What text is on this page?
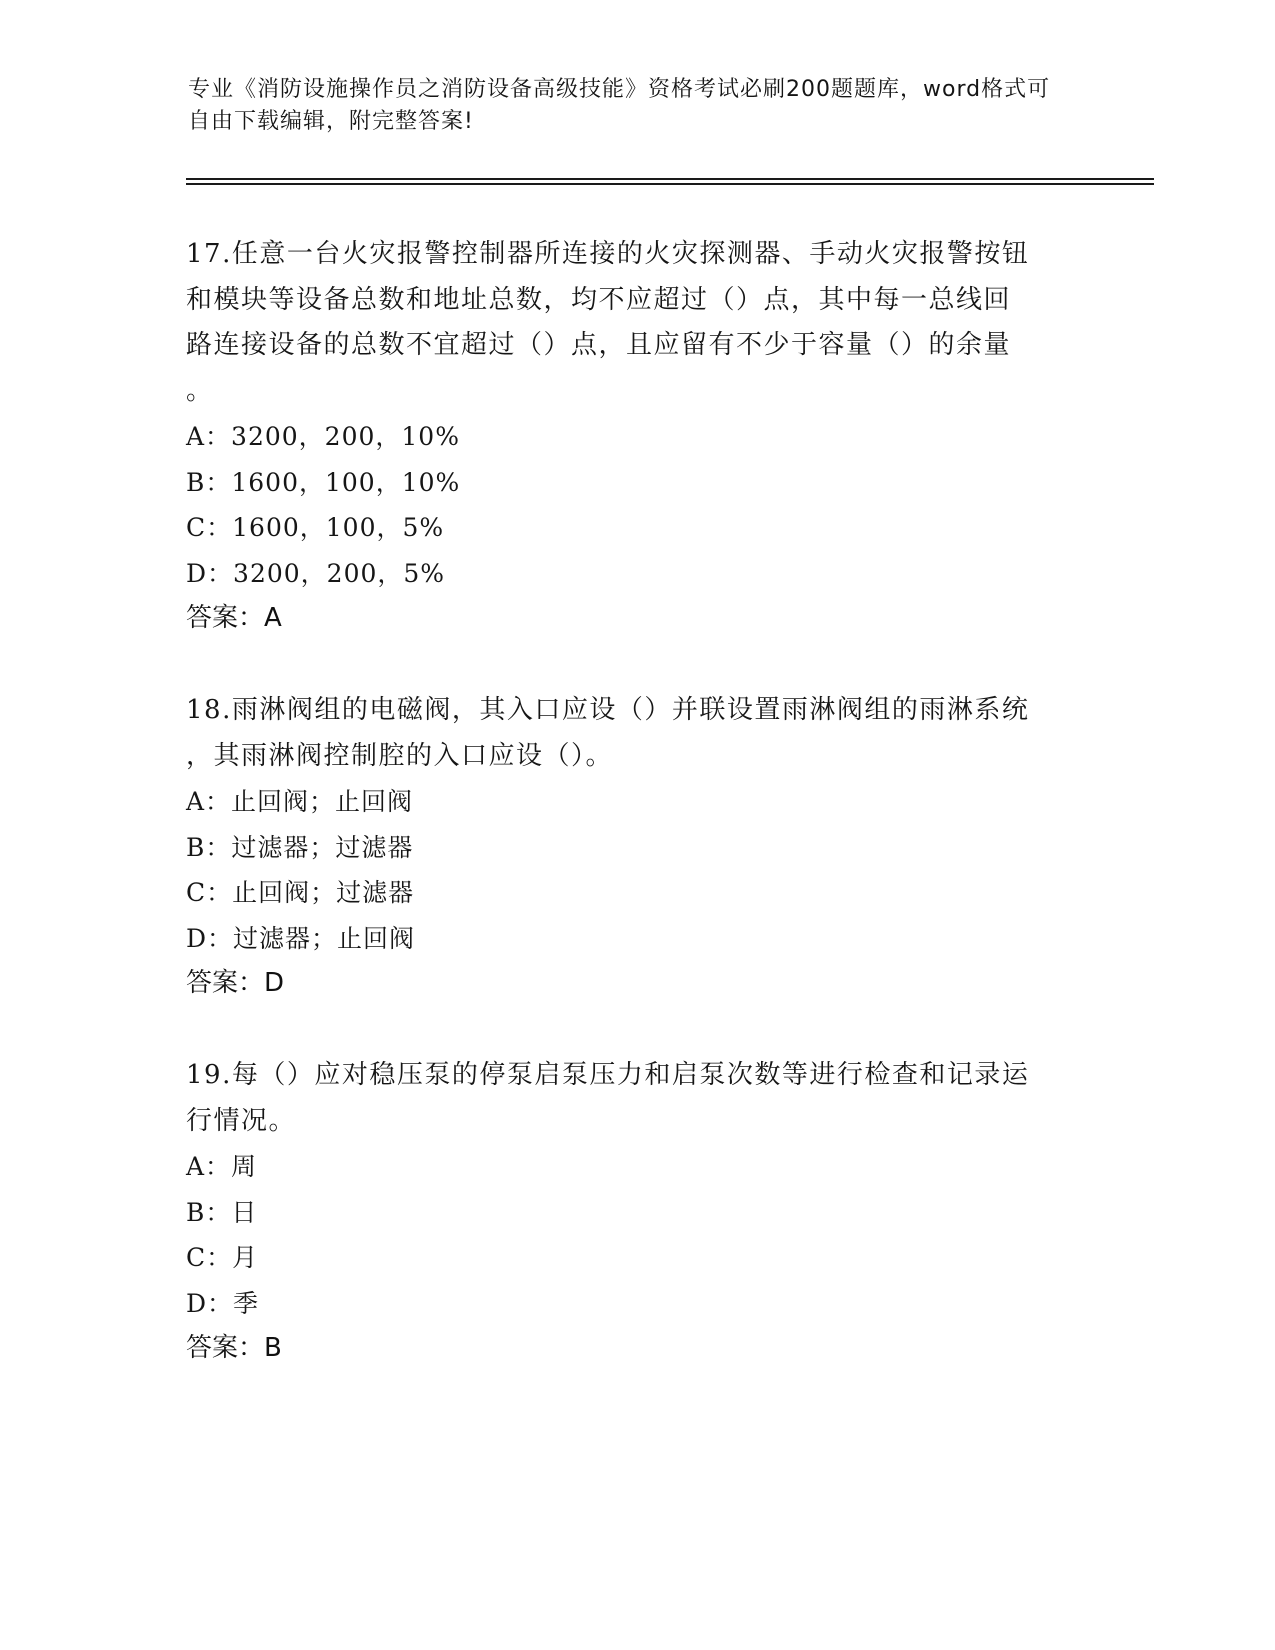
专业《消防设施操作员之消防设备高级技能》资格考试必刷200题题库，word格式可自由下载编辑，附完整答案!

17.任意一台火灾报警控制器所连接的火灾探测器、手动火灾报警按钮

和模块等设备总数和地址总数，均不应超过（）点，其中每一总线回

路连接设备的总数不宜超过（）点，且应留有不少于容量（）的余量

。

A：3200，200，10%

B：1600，100，10%

C：1600，100，5%

D：3200，200，5%

答案：A

18.雨淋阀组的电磁阀，其入口应设（）并联设置雨淋阀组的雨淋系统

，其雨淋阀控制腔的入口应设（）。

A：止回阀；止回阀

B：过滤器；过滤器

C：止回阀；过滤器

D：过滤器；止回阀

答案：D

19.每（）应对稳压泵的停泵启泵压力和启泵次数等进行检查和记录运

行情况。

A：周

B：日

C：月

D：季

答案：B
